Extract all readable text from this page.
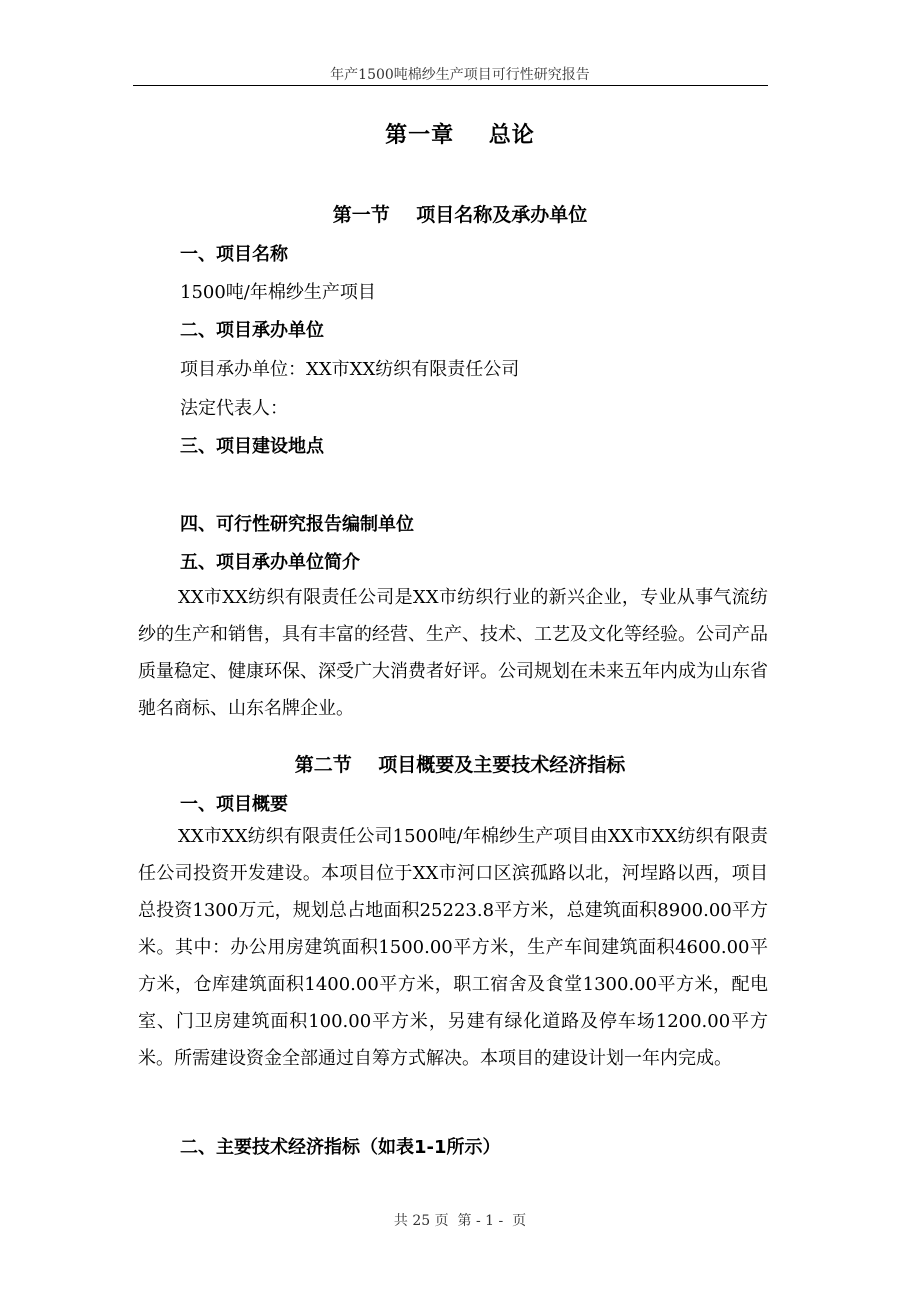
年产1500吨棉纱生产项目可行性研究报告
第一章    总论
第一节    项目名称及承办单位
一、项目名称
1500吨/年棉纱生产项目
二、项目承办单位
项目承办单位：XX市XX纺织有限责任公司
法定代表人：
三、项目建设地点
四、可行性研究报告编制单位
五、项目承办单位简介
XX市XX纺织有限责任公司是XX市纺织行业的新兴企业，专业从事气流纺纱的生产和销售，具有丰富的经营、生产、技术、工艺及文化等经验。公司产品质量稳定、健康环保、深受广大消费者好评。公司规划在未来五年内成为山东省驰名商标、山东名牌企业。
第二节    项目概要及主要技术经济指标
一、项目概要
XX市XX纺织有限责任公司1500吨/年棉纱生产项目由XX市XX纺织有限责任公司投资开发建设。本项目位于XX市河口区滨孤路以北，河埕路以西，项目总投资1300万元，规划总占地面积25223.8平方米，总建筑面积8900.00平方米。其中：办公用房建筑面积1500.00平方米，生产车间建筑面积4600.00平方米，仓库建筑面积1400.00平方米，职工宿舍及食堂1300.00平方米，配电室、门卫房建筑面积100.00平方米，另建有绿化道路及停车场1200.00平方米。所需建设资金全部通过自筹方式解决。本项目的建设计划一年内完成。
二、主要技术经济指标（如表1-1所示）
共 25 页  第 - 1 -  页
